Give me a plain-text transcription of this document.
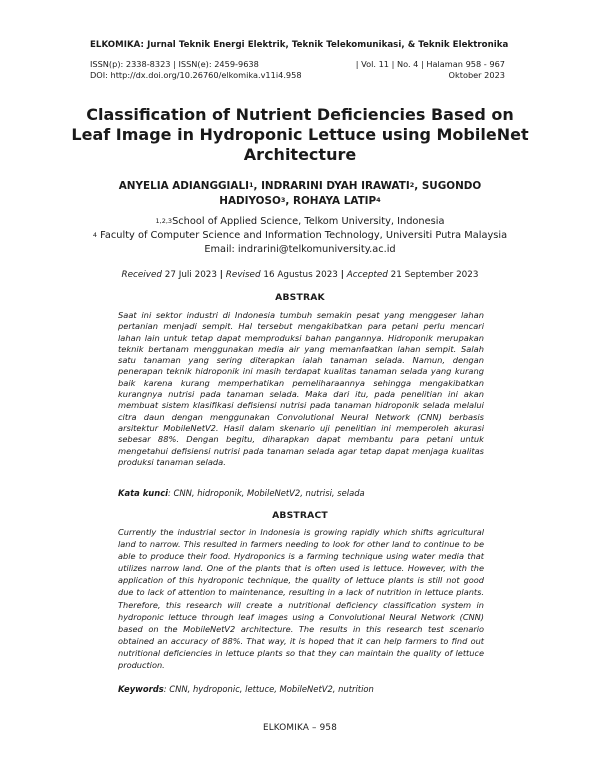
ELKOMIKA: Jurnal Teknik Energi Elektrik, Teknik Telekomunikasi, & Teknik Elektronika
ISSN(p): 2338-8323 | ISSN(e): 2459-9638
DOI: http://dx.doi.org/10.26760/elkomika.v11i4.958
| Vol. 11 | No. 4 | Halaman 958 - 967
Oktober 2023
Classification of Nutrient Deficiencies Based on Leaf Image in Hydroponic Lettuce using MobileNet Architecture
ANYELIA ADIANGGIALI$^1$, INDRARINI DYAH IRAWATI$^2$, SUGONDO HADIYOSO$^3$, ROHAYA LATIP$^4$
$^{1,2,3}$School of Applied Science, Telkom University, Indonesia
$^4$ Faculty of Computer Science and Information Technology, Universiti Putra Malaysia
Email: indrarini@telkomuniversity.ac.id
Received 27 Juli 2023 | Revised 16 Agustus 2023 | Accepted 21 September 2023
ABSTRAK
Saat ini sektor industri di Indonesia tumbuh semakin pesat yang menggeser lahan pertanian menjadi sempit. Hal tersebut mengakibatkan para petani perlu mencari lahan lain untuk tetap dapat memproduksi bahan pangannya. Hidroponik merupakan teknik bertanam menggunakan media air yang memanfaatkan lahan sempit. Salah satu tanaman yang sering diterapkan ialah tanaman selada. Namun, dengan penerapan teknik hidroponik ini masih terdapat kualitas tanaman selada yang kurang baik karena kurang memperhatikan pemeliharaannya sehingga mengakibatkan kurangnya nutrisi pada tanaman selada. Maka dari itu, pada penelitian ini akan membuat sistem klasifikasi defisiensi nutrisi pada tanaman hidroponik selada melalui citra daun dengan menggunakan Convolutional Neural Network (CNN) berbasis arsitektur MobileNetV2. Hasil dalam skenario uji penelitian ini memperoleh akurasi sebesar 88%. Dengan begitu, diharapkan dapat membantu para petani untuk mengetahui defisiensi nutrisi pada tanaman selada agar tetap dapat menjaga kualitas produksi tanaman selada.
Kata kunci: CNN, hidroponik, MobileNetV2, nutrisi, selada
ABSTRACT
Currently the industrial sector in Indonesia is growing rapidly which shifts agricultural land to narrow. This resulted in farmers needing to look for other land to continue to be able to produce their food. Hydroponics is a farming technique using water media that utilizes narrow land. One of the plants that is often used is lettuce. However, with the application of this hydroponic technique, the quality of lettuce plants is still not good due to lack of attention to maintenance, resulting in a lack of nutrition in lettuce plants. Therefore, this research will create a nutritional deficiency classification system in hydroponic lettuce through leaf images using a Convolutional Neural Network (CNN) based on the MobileNetV2 architecture. The results in this research test scenario obtained an accuracy of 88%. That way, it is hoped that it can help farmers to find out nutritional deficiencies in lettuce plants so that they can maintain the quality of lettuce production.
Keywords: CNN, hydroponic, lettuce, MobileNetV2, nutrition
ELKOMIKA – 958
